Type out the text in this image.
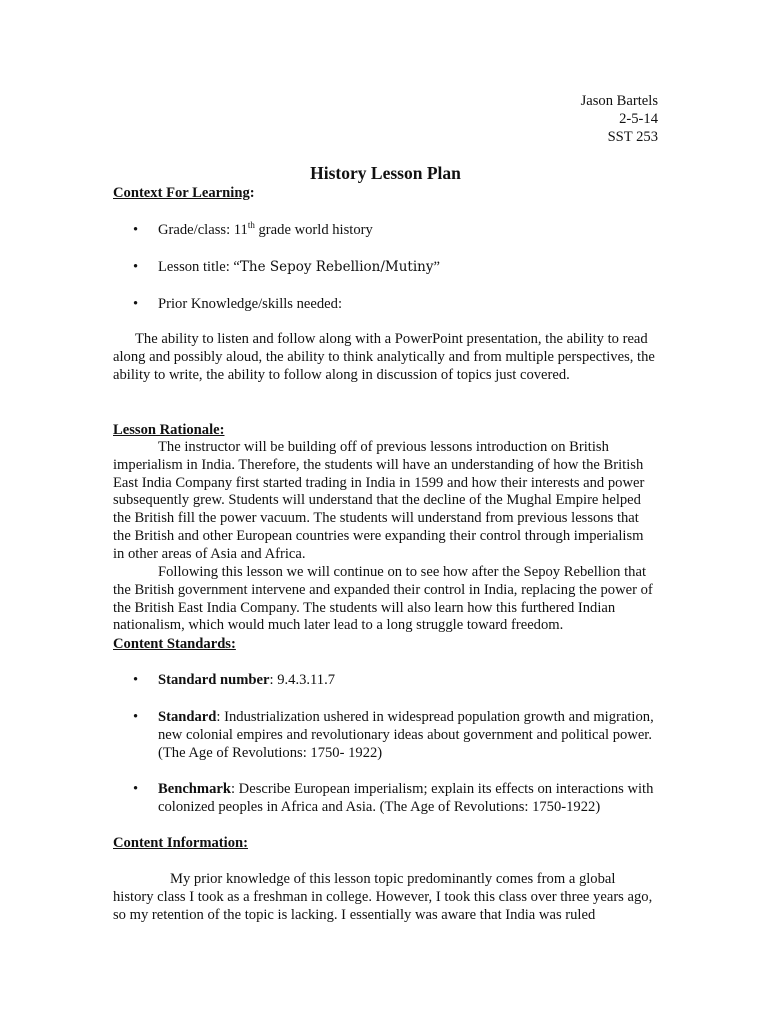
Jason Bartels
2-5-14
SST 253
History Lesson Plan
Context For Learning:
• Grade/class: 11th grade world history
• Lesson title: “The Sepoy Rebellion/Mutiny”
• Prior Knowledge/skills needed:

The ability to listen and follow along with a PowerPoint presentation, the ability to read along and possibly aloud, the ability to think analytically and from multiple perspectives, the ability to write, the ability to follow along in discussion of topics just covered.

Lesson Rationale:

The instructor will be building off of previous lessons introduction on British imperialism in India. Therefore, the students will have an understanding of how the British East India Company first started trading in India in 1599 and how their interests and power subsequently grew. Students will understand that the decline of the Mughal Empire helped the British fill the power vacuum. The students will understand from previous lessons that the British and other European countries were expanding their control through imperialism in other areas of Asia and Africa.

Following this lesson we will continue on to see how after the Sepoy Rebellion that the British government intervene and expanded their control in India, replacing the power of the British East India Company. The students will also learn how this furthered Indian nationalism, which would much later lead to a long struggle toward freedom.

Content Standards:
• Standard number: 9.4.3.11.7
• Standard: Industrialization ushered in widespread population growth and migration, new colonial empires and revolutionary ideas about government and political power. (The Age of Revolutions: 1750- 1922)
• Benchmark: Describe European imperialism; explain its effects on interactions with colonized peoples in Africa and Asia. (The Age of Revolutions: 1750-1922)
Content Information:

My prior knowledge of this lesson topic predominantly comes from a global history class I took as a freshman in college. However, I took this class over three years ago, so my retention of the topic is lacking. I essentially was aware that India was ruled
